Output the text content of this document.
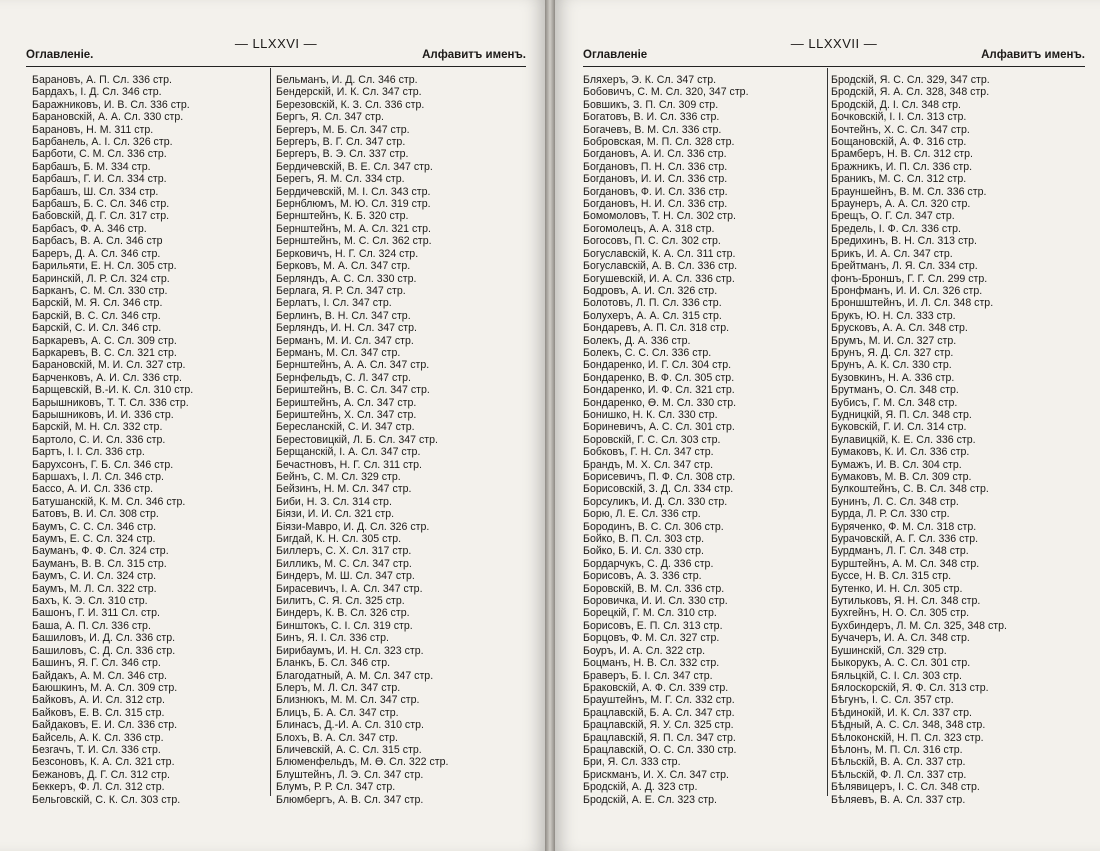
Оглавленіе.
— LLXXVI —
Алфавитъ именъ.
Барановъ, А. П. Сл. 336 стр.
Бардахъ, І. Д. Сл. 346 стр.
Баражниковъ, И. В. Сл. 336 стр.
Барановскій, А. А. Сл. 330 стр.
Барановъ, Н. М. 311 стр.
Барбанель, А. І. Сл. 326 стр.
Барботи, С. М. Сл. 336 стр.
Барбашъ, Б. М. 334 стр.
Барбашъ, Г. И. Сл. 334 стр.
Барбашъ, Ш. Сл. 334 стр.
Барбашъ, Б. С. Сл. 346 стр.
Бабовскій, Д. Г. Сл. 317 стр.
Барбасъ, Ф. А. 346 стр.
Барбасъ, В. А. Сл. 346 стр
Бареръ, Д. А. Сл. 346 стр.
Барильяти, Е. Н. Сл. 305 стр.
Баринскій, Л. Р. Сл. 324 стр.
Барканъ, С. М. Сл. 330 стр.
Барскій, М. Я. Сл. 346 стр.
Барскій, В. С. Сл. 346 стр.
Барскій, С. И. Сл. 346 стр.
Баркаревъ, А. С. Сл. 309 стр.
Баркаревъ, В. С. Сл. 321 стр.
Барановскій, М. И. Сл. 327 стр.
Барченковъ, А. И. Сл. 336 стр.
Барщевскій, В.-И. К. Сл. 310 стр.
Барышниковъ, Т. Т. Сл. 336 стр.
Барышниковъ, И. И. 336 стр.
Барскій, М. Н. Сл. 332 стр.
Бартоло, С. И. Сл. 336 стр.
Бартъ, І. І. Сл. 336 стр.
Барухсонъ, Г. Б. Сл. 346 стр.
Баршахъ, І. Л. Сл. 346 стр.
Бассо, А. И. Сл. 336 стр.
Батушанскій, К. М. Сл. 346 стр.
Батовъ, В. И. Сл. 308 стр.
Баумъ, С. С. Сл. 346 стр.
Баумъ, Е. С. Сл. 324 стр.
Бауманъ, Ф. Ф. Сл. 324 стр.
Бауманъ, В. В. Сл. 315 стр.
Баумъ, С. И. Сл. 324 стр.
Баумъ, М. Л. Сл. 322 стр.
Бахъ, К. Э. Сл. 310 стр.
Башонъ, Г. И. 311 Сл. стр.
Баша, А. П. Сл. 336 стр.
Башиловъ, И. Д. Сл. 336 стр.
Башиловъ, С. Д. Сл. 336 стр.
Башинъ, Я. Г. Сл. 346 стр.
Байдакъ, А. М. Сл. 346 стр.
Баюшкинъ, М. А. Сл. 309 стр.
Байковъ, А. И. Сл. 312 стр.
Байковъ, Е. В. Сл. 315 стр.
Байдаковъ, Е. И. Сл. 336 стр.
Байсель, А. К. Сл. 336 стр.
Безгачъ, Т. И. Сл. 336 стр.
Безсоновъ, К. А. Сл. 321 стр.
Бежановъ, Д. Г. Сл. 312 стр.
Беккеръ, Ф. Л. Сл. 312 стр.
Бельговскій, С. К. Сл. 303 стр.
Бельманъ, И. Д. Сл. 346 стр.
Бендерскій, И. К. Сл. 347 стр.
Березовскій, К. З. Сл. 336 стр.
Бергъ, Я. Сл. 347 стр.
Бергеръ, М. Б. Сл. 347 стр.
Бергеръ, В. Г. Сл. 347 стр.
Бергеръ, В. Э. Сл. 337 стр.
Бердичевскій, В. Е. Сл. 347 стр.
Берегъ, Я. М. Сл. 334 стр.
Бердичевскій, М. І. Сл. 343 стр.
Бернблюмъ, М. Ю. Сл. 319 стр.
Бернштейнъ, К. Б. 320 стр.
Бернштейнъ, М. А. Сл. 321 стр.
Бернштейнъ, М. С. Сл. 362 стр.
Берковичъ, Н. Г. Сл. 324 стр.
Берковъ, М. А. Сл. 347 стр.
Берляндъ, А. С. Сл. 330 стр.
Берлага, Я. Р. Сл. 347 стр.
Берлатъ, І. Сл. 347 стр.
Берлинъ, В. Н. Сл. 347 стр.
Берляндъ, И. Н. Сл. 347 стр.
Берманъ, М. И. Сл. 347 стр.
Берманъ, М. Сл. 347 стр.
Бернштейнъ, А. А. Сл. 347 стр.
Бернфельдъ, С. Л. 347 стр.
Бериштейнъ, В. С. Сл. 347 стр.
Бериштейнъ, А. Сл. 347 стр.
Бериштейнъ, Х. Сл. 347 стр.
Бересланскій, С. И. 347 стр.
Берестовицкій, Л. Б. Сл. 347 стр.
Берщанскій, І. А. Сл. 347 стр.
Бечастновъ, Н. Г. Сл. 311 стр.
Бейнъ, С. М. Сл. 329 стр.
Бейзинъ, Н. М. Сл. 347 стр.
Биби, Н. З. Сл. 314 стр.
Біязи, И. И. Сл. 321 стр.
Біязи-Мавро, И. Д. Сл. 326 стр.
Бигдай, К. Н. Сл. 305 стр.
Биллеръ, С. Х. Сл. 317 стр.
Билликъ, М. С. Сл. 347 стр.
Биндеръ, М. Ш. Сл. 347 стр.
Бирасевичъ, І. А. Сл. 347 стр.
Билитъ, С. Я. Сл. 325 стр.
Биндеръ, К. В. Сл. 326 стр.
Бинштокъ, С. І. Сл. 319 стр.
Бинъ, Я. І. Сл. 336 стр.
Бирибаумъ, И. Н. Сл. 323 стр.
Бланкъ, Б. Сл. 346 стр.
Благодатный, А. М. Сл. 347 стр.
Блеръ, М. Л. Сл. 347 стр.
Близнюкъ, М. М. Сл. 347 стр.
Блицъ, Б. А. Сл. 347 стр.
Блинасъ, Д.-И. А. Сл. 310 стр.
Блохъ, В. А. Сл. 347 стр.
Бличевскій, А. С. Сл. 315 стр.
Блюменфельдъ, М. Ө. Сл. 322 стр.
Блуштейнъ, Л. Э. Сл. 347 стр.
Блумъ, Р. Р. Сл. 347 стр.
Блюмбергъ, А. В. Сл. 347 стр.
Оглавленіе
— LLXXVII —
Алфавитъ именъ.
Бляхеръ, Э. К. Сл. 347 стр.
Бобовичъ, С. М. Сл. 320, 347 стр.
Бовшикъ, З. П. Сл. 309 стр.
Богатовъ, В. И. Сл. 336 стр.
Богачевъ, В. М. Сл. 336 стр.
Бобровская, М. П. Сл. 328 стр.
Богдановъ, А. И. Сл. 336 стр.
Богдановъ, П. Н. Сл. 336 стр.
Богдановъ, И. И. Сл. 336 стр.
Богдановъ, Ф. И. Сл. 336 стр.
Богдановъ, Н. И. Сл. 336 стр.
Бомомоловъ, Т. Н. Сл. 302 стр.
Богомолецъ, А. А. 318 стр.
Богосовъ, П. С. Сл. 302 стр.
Богуславскій, К. А. Сл. 311 стр.
Богуславскій, А. В. Сл. 336 стр.
Богушевскій, И. А. Сл. 336 стр.
Бодровъ, А. И. Сл. 326 стр.
Болотовъ, Л. П. Сл. 336 стр.
Болухеръ, А. А. Сл. 315 стр.
Бондаревъ, А. П. Сл. 318 стр.
Болекъ, Д. А. 336 стр.
Болекъ, С. С. Сл. 336 стр.
Бондаренко, И. Г. Сл. 304 стр.
Бондаренко, В. Ф. Сл. 305 стр.
Бондаренко, И. Ф. Сл. 321 стр.
Бондаренко, Ө. М. Сл. 330 стр.
Бонишко, Н. К. Сл. 330 стр.
Бориневичъ, А. С. Сл. 301 стр.
Боровскій, Г. С. Сл. 303 стр.
Бобковъ, Г. Н. Сл. 347 стр.
Брандъ, М. Х. Сл. 347 стр.
Борисевичъ, П. Ф. Сл. 308 стр.
Борисовскій, З. Д. Сл. 334 стр.
Борсуликъ, И. Д. Сл. 330 стр.
Борю, Л. Е. Сл. 336 стр.
Бородинъ, В. С. Сл. 306 стр.
Бойко, В. П. Сл. 303 стр.
Бойко, Б. И. Сл. 330 стр.
Бордарчукъ, С. Д. 336 стр.
Борисовъ, А. З. 336 стр.
Боровскій, В. М. Сл. 336 стр.
Боровичка, И. И. Сл. 330 стр.
Борецкій, Г. М. Сл. 310 стр.
Борисовъ, Е. П. Сл. 313 стр.
Борцовъ, Ф. М. Сл. 327 стр.
Боуръ, И. А. Сл. 322 стр.
Боцманъ, Н. В. Сл. 332 стр.
Браверъ, Б. І. Сл. 347 стр.
Браковскій, А. Ф. Сл. 339 стр.
Брауштейнъ, М. Г. Сл. 332 стр.
Брацлавскій, Б. А. Сл. 347 стр.
Брацлавскій, Я. У. Сл. 325 стр.
Брацлавскій, Я. П. Сл. 347 стр.
Брацлавскій, О. С. Сл. 330 стр.
Бри, Я. Сл. 333 стр.
Брискманъ, И. Х. Сл. 347 стр.
Бродскій, А. Д. 323 стр.
Бродскій, А. Е. Сл. 323 стр.
Бродскій, Я. С. Сл. 329, 347 стр.
Бродскій, Я. А. Сл. 328, 348 стр.
Бродскій, Д. І. Сл. 348 стр.
Бочковскій, І. І. Сл. 313 стр.
Бочтейнъ, Х. С. Сл. 347 стр.
Бощановскій, А. Ф. 316 стр.
Брамберъ, Н. В. Сл. 312 стр.
Бражникъ, И. П. Сл. 336 стр.
Браникъ, М. С. Сл. 312 стр.
Брауншейнъ, В. М. Сл. 336 стр.
Браунеръ, А. А. Сл. 320 стр.
Брещъ, О. Г. Сл. 347 стр.
Бредель, І. Ф. Сл. 336 стр.
Бредихинъ, В. Н. Сл. 313 стр.
Брикъ, И. А. Сл. 347 стр.
Брейтманъ, Л. Я. Сл. 334 стр.
фонъ-Броншъ, Г. Г. Сл. 299 стр.
Бронфманъ, И. И. Сл. 326 стр.
Броншштейнъ, И. Л. Сл. 348 стр.
Брукъ, Ю. Н. Сл. 333 стр.
Брусковъ, А. А. Сл. 348 стр.
Брумъ, М. И. Сл. 327 стр.
Брунъ, Я. Д. Сл. 327 стр.
Брунъ, А. К. Сл. 330 стр.
Бузовкинъ, Н. А. 336 стр.
Брутманъ, О. Сл. 348 стр.
Бубисъ, Г. М. Сл. 348 стр.
Будницкій, Я. П. Сл. 348 стр.
Буковскій, Г. И. Сл. 314 стр.
Булавицкій, К. Е. Сл. 336 стр.
Бумаковъ, К. И. Сл. 336 стр.
Бумажъ, И. В. Сл. 304 стр.
Бумаковъ, М. В. Сл. 309 стр.
Булкоштейнъ, С. В. Сл. 348 стр.
Бунинъ, Л. С. Сл. 348 стр.
Бурда, Л. Р. Сл. 330 стр.
Буряченко, Ф. М. Сл. 318 стр.
Бурачовскій, А. Г. Сл. 336 стр.
Бурдманъ, Л. Г. Сл. 348 стр.
Бурштейнъ, А. М. Сл. 348 стр.
Буссе, Н. В. Сл. 315 стр.
Бутенко, И. Н. Сл. 305 стр.
Бутильковъ, Я. Н. Сл. 348 стр.
Бухгейнъ, Н. О. Сл. 305 стр.
Бухбиндеръ, Л. М. Сл. 325, 348 стр.
Бучачеръ, И. А. Сл. 348 стр.
Бушинскій, Сл. 329 стр.
Быкорукъ, А. С. Сл. 301 стр.
Бяльцкій, С. І. Сл. 303 стр.
Бялоскорскій, Я. Ф. Сл. 313 стр.
Бѣгунъ, І. С. Сл. 357 стр.
Бѣдинокій, И. К. Сл. 337 стр.
Бѣдный, А. С. Сл. 348, 348 стр.
Бѣлоконскій, Н. П. Сл. 323 стр.
Бѣлонъ, М. П. Сл. 316 стр.
Бѣльскій, В. А. Сл. 337 стр.
Бѣльскій, Ф. Л. Сл. 337 стр.
Бѣлявицеръ, І. С. Сл. 348 стр.
Бѣляевъ, В. А. Сл. 337 стр.
